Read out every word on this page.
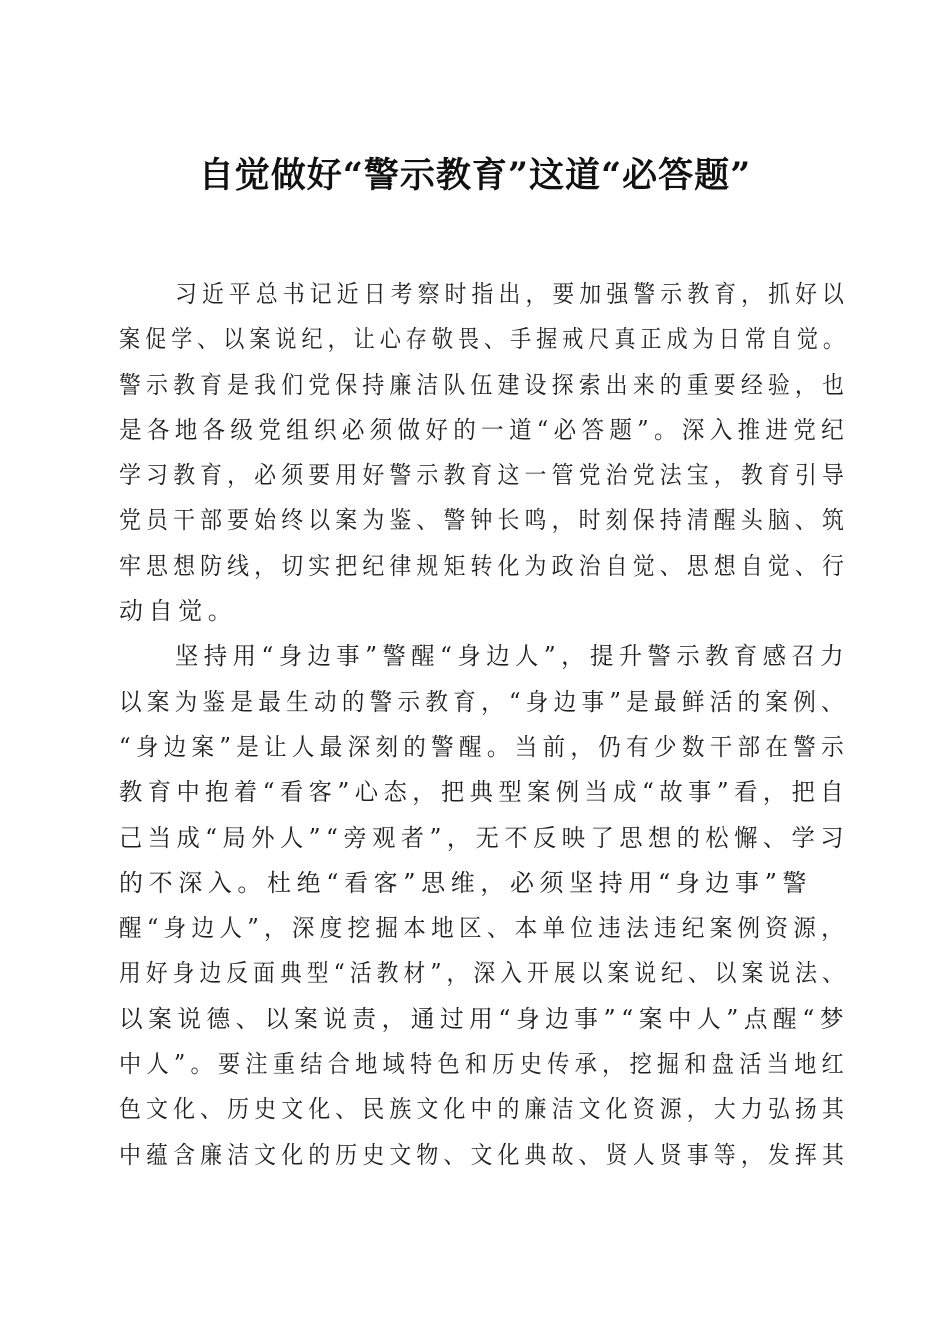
自觉做好“警示教育”这道“必答题”
习近平总书记近日考察时指出，要加强警示教育，抓好以
案促学、以案说纪，让心存敬畏、手握戒尺真正成为日常自觉。
警示教育是我们党保持廉洁队伍建设探索出来的重要经验，也
是各地各级党组织必须做好的一道“必答题”。深入推进党纪
学习教育，必须要用好警示教育这一管党治党法宝，教育引导
党员干部要始终以案为鉴、警钟长鸣，时刻保持清醒头脑、筑
牢思想防线，切实把纪律规矩转化为政治自觉、思想自觉、行
动自觉。
坚持用“身边事”警醒“身边人”，提升警示教育感召力
以案为鉴是最生动的警示教育，“身边事”是最鲜活的案例、
“身边案”是让人最深刻的警醒。当前，仍有少数干部在警示
教育中抱着“看客”心态，把典型案例当成“故事”看，把自
己当成“局外人”“旁观者”，无不反映了思想的松懈、学习
的不深入。杜绝“看客”思维，必须坚持用“身边事”警
醒“身边人”，深度挖掘本地区、本单位违法违纪案例资源，
用好身边反面典型“活教材”，深入开展以案说纪、以案说法、
以案说德、以案说责，通过用“身边事”“案中人”点醒“梦
中人”。要注重结合地域特色和历史传承，挖掘和盘活当地红
色文化、历史文化、民族文化中的廉洁文化资源，大力弘扬其
中蕴含廉洁文化的历史文物、文化典故、贤人贤事等，发挥其
